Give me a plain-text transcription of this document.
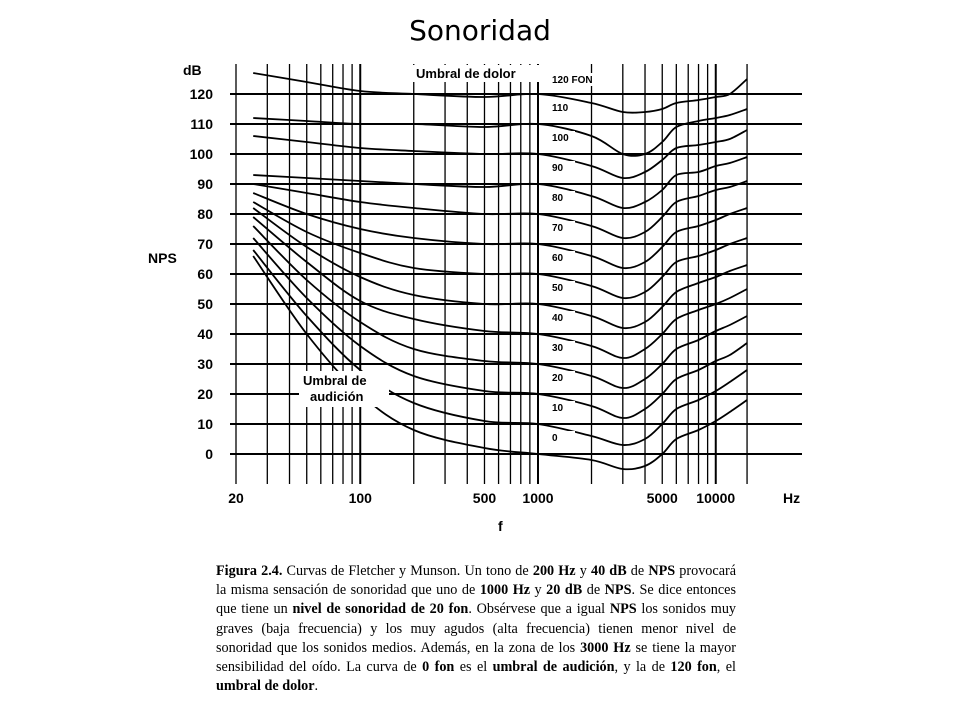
Sonoridad
0
10
20
30
40
50
60
70
80
90
100
110
120
20	100	500 1000	5000 10000
Umbral de dolor
Umbral de
audición
dB
NPS
Hz
f
120 FON
110
100
90
80
70
60
50
40
30
20
10
0
Figura 2.4. Curvas de Fletcher y Munson. Un tono de 200 Hz y 40 dB de NPS provocará la misma sensación de sonoridad que uno de 1000 Hz y 20 dB de NPS. Se dice entonces que tiene un nivel de sonoridad de 20 fon. Obsérvese que a igual NPS los sonidos muy graves (baja frecuencia) y los muy agudos (alta frecuencia) tienen menor nivel de sonoridad que los sonidos medios. Además, en la zona de los 3000 Hz se tiene la mayor sensibilidad del oído. La curva de 0 fon es el umbral de audición, y la de 120 fon, el umbral de dolor.
